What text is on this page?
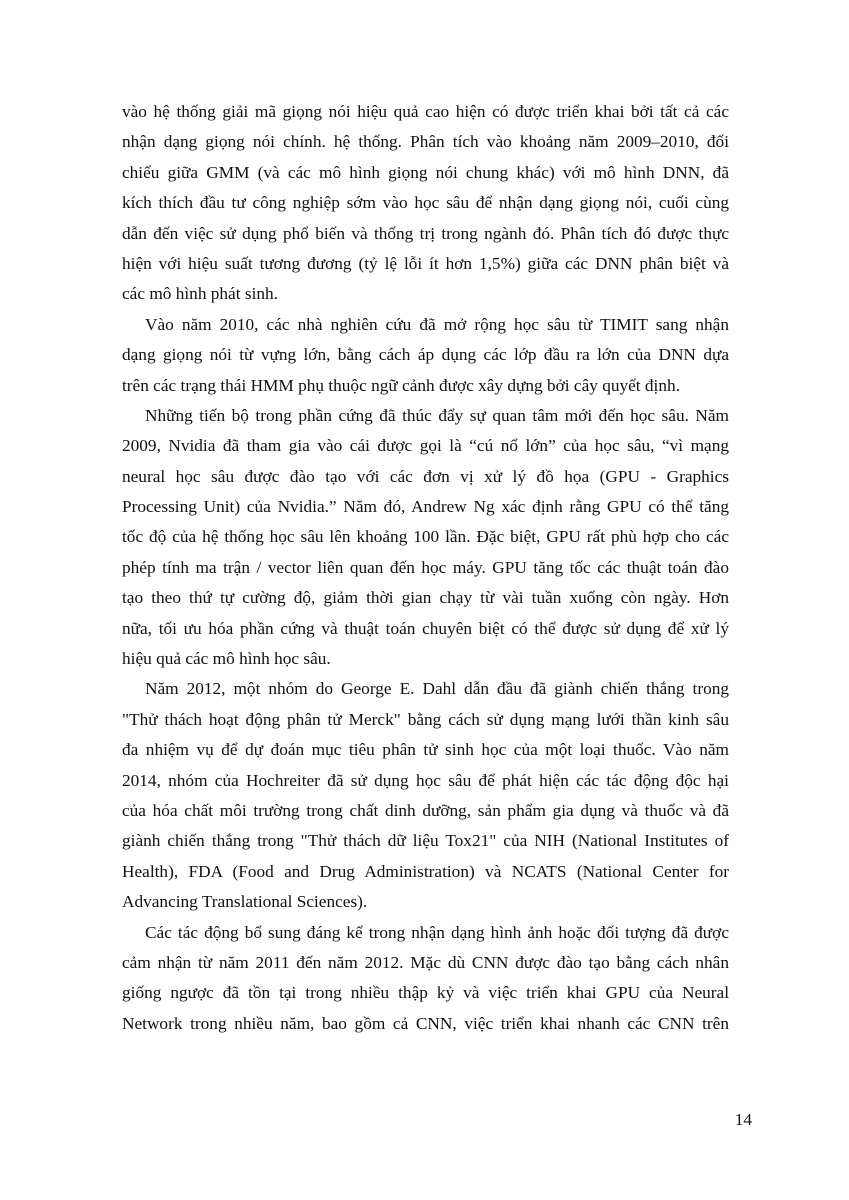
vào hệ thống giải mã giọng nói hiệu quả cao hiện có được triển khai bởi tất cả các
nhận dạng giọng nói chính. hệ thống. Phân tích vào khoảng năm 2009–2010, đối
chiếu giữa GMM (và các mô hình giọng nói chung khác) với mô hình DNN, đã
kích thích đầu tư công nghiệp sớm vào học sâu để nhận dạng giọng nói, cuối cùng
dẫn đến việc sử dụng phổ biến và thống trị trong ngành đó. Phân tích đó được thực
hiện với hiệu suất tương đương (tỷ lệ lỗi ít hơn 1,5%) giữa các DNN phân biệt và
các mô hình phát sinh.
Vào năm 2010, các nhà nghiên cứu đã mở rộng học sâu từ TIMIT sang nhận
dạng giọng nói từ vựng lớn, bằng cách áp dụng các lớp đầu ra lớn của DNN dựa
trên các trạng thái HMM phụ thuộc ngữ cảnh được xây dựng bởi cây quyết định.
Những tiến bộ trong phần cứng đã thúc đẩy sự quan tâm mới đến học sâu. Năm
2009, Nvidia đã tham gia vào cái được gọi là “cú nổ lớn” của học sâu, “vì mạng
neural học sâu được đào tạo với các đơn vị xử lý đồ họa (GPU - Graphics
Processing Unit) của Nvidia.” Năm đó, Andrew Ng xác định rằng GPU có thể tăng
tốc độ của hệ thống học sâu lên khoảng 100 lần. Đặc biệt, GPU rất phù hợp cho các
phép tính ma trận / vector liên quan đến học máy. GPU tăng tốc các thuật toán đào
tạo theo thứ tự cường độ, giảm thời gian chạy từ vài tuần xuống còn ngày. Hơn
nữa, tối ưu hóa phần cứng và thuật toán chuyên biệt có thể được sử dụng để xử lý
hiệu quả các mô hình học sâu.
Năm 2012, một nhóm do George E. Dahl dẫn đầu đã giành chiến thắng trong
"Thử thách hoạt động phân tử Merck" bằng cách sử dụng mạng lưới thần kinh sâu
đa nhiệm vụ để dự đoán mục tiêu phân tử sinh học của một loại thuốc. Vào năm
2014, nhóm của Hochreiter đã sử dụng học sâu để phát hiện các tác động độc hại
của hóa chất môi trường trong chất dinh dưỡng, sản phẩm gia dụng và thuốc và đã
giành chiến thắng trong "Thử thách dữ liệu Tox21" của NIH (National Institutes of
Health), FDA (Food and Drug Administration) và NCATS (National Center for
Advancing Translational Sciences).
Các tác động bổ sung đáng kể trong nhận dạng hình ảnh hoặc đối tượng đã được
cảm nhận từ năm 2011 đến năm 2012. Mặc dù CNN được đào tạo bằng cách nhân
giống ngược đã tồn tại trong nhiều thập kỷ và việc triển khai GPU của Neural
Network trong nhiều năm, bao gồm cả CNN, việc triển khai nhanh các CNN trên
14
